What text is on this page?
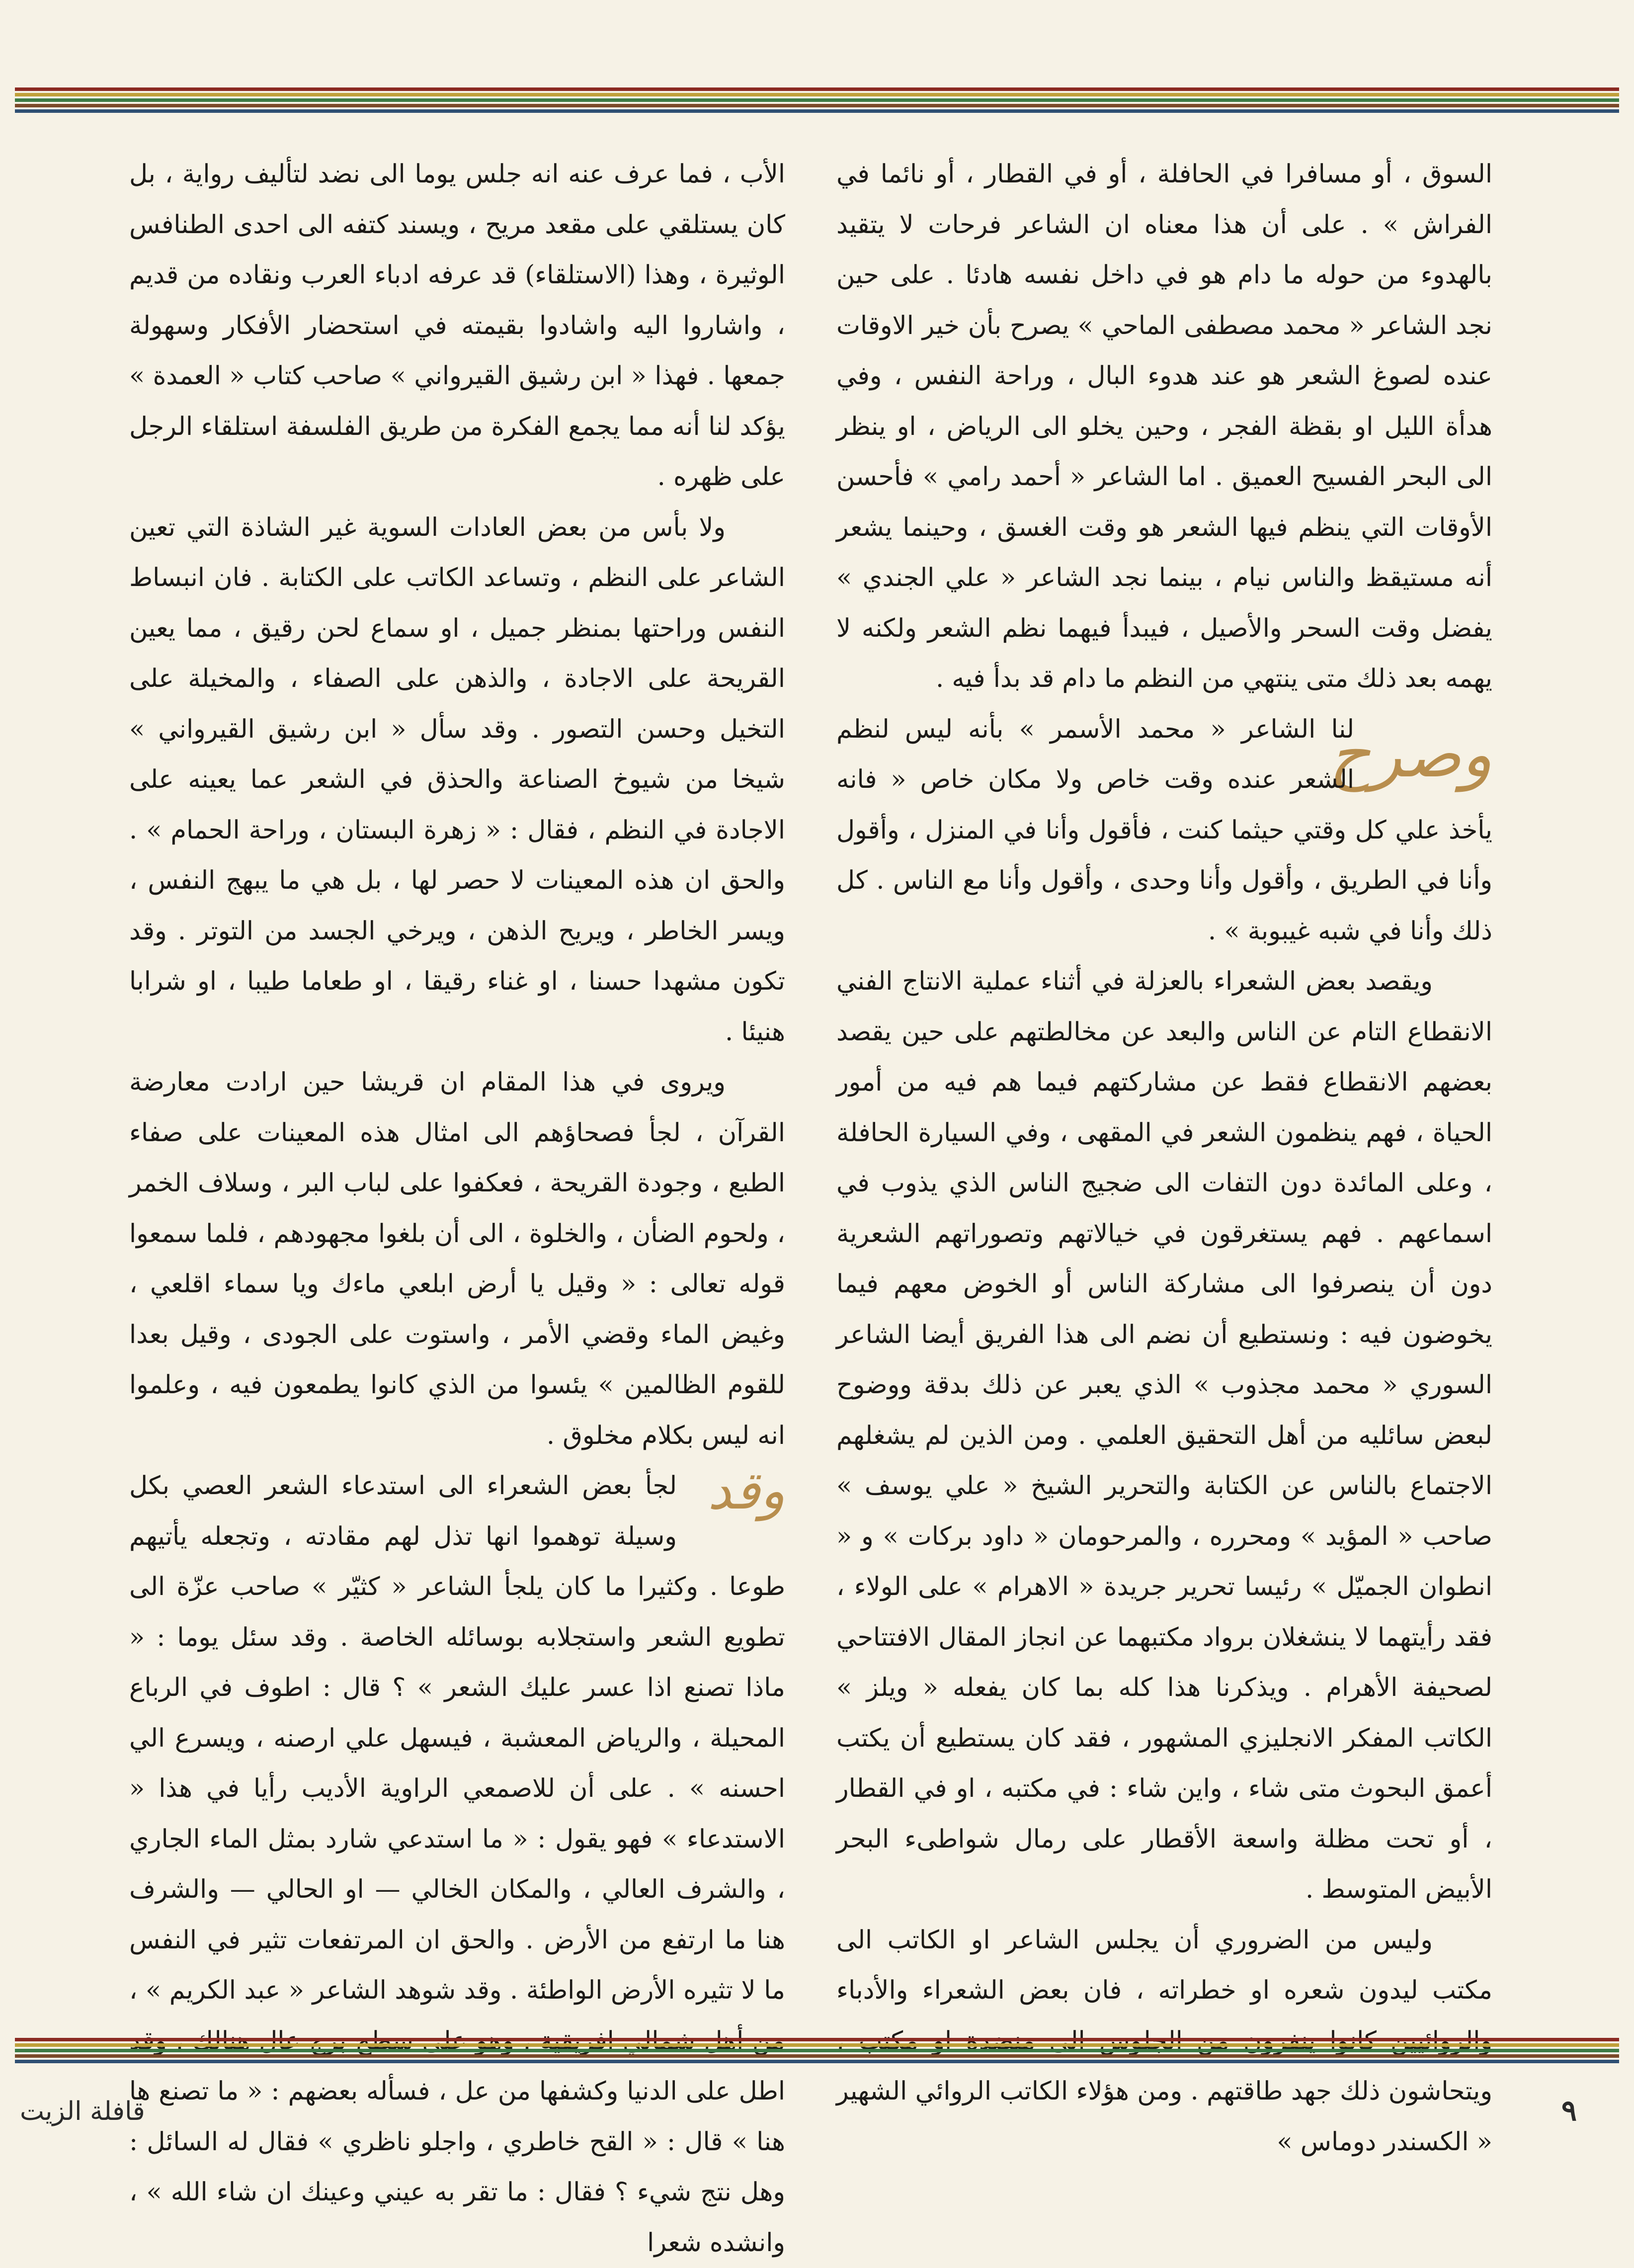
السوق ، أو مسافرا في الحافلة ، أو في القطار ، أو نائما في الفراش » . على أن هذا معناه ان الشاعر فرحات لا يتقيد بالهدوء من حوله ما دام هو في داخل نفسه هادئا . على حين نجد الشاعر « محمد مصطفى الماحي » يصرح بأن خير الاوقات عنده لصوغ الشعر هو عند هدوء البال ، وراحة النفس ، وفي هدأة الليل او بقظة الفجر ، وحين يخلو الى الرياض ، او ينظر الى البحر الفسيح العميق . اما الشاعر « أحمد رامي » فأحسن الأوقات التي ينظم فيها الشعر هو وقت الغسق ، وحينما يشعر أنه مستيقظ والناس نيام ، بينما نجد الشاعر « علي الجندي » يفضل وقت السحر والأصيل ، فيبدأ فيهما نظم الشعر ولكنه لا يهمه بعد ذلك متى ينتهي من النظم ما دام قد بدأ فيه .

وصرح

لنا الشاعر « محمد الأسمر » بأنه ليس لنظم الشعر عنده وقت خاص ولا مكان خاص « فانه يأخذ علي كل وقتي حيثما كنت ، فأقول وأنا في المنزل ، وأقول وأنا في الطريق ، وأقول وأنا وحدى ، وأقول وأنا مع الناس . كل ذلك وأنا في شبه غيبوبة » .

ويقصد بعض الشعراء بالعزلة في أثناء عملية الانتاج الفني الانقطاع التام عن الناس والبعد عن مخالطتهم على حين يقصد بعضهم الانقطاع فقط عن مشاركتهم فيما هم فيه من أمور الحياة ، فهم ينظمون الشعر في المقهى ، وفي السيارة الحافلة ، وعلى المائدة دون التفات الى ضجيج الناس الذي يذوب في اسماعهم . فهم يستغرقون في خيالاتهم وتصوراتهم الشعرية دون أن ينصرفوا الى مشاركة الناس أو الخوض معهم فيما يخوضون فيه : ونستطيع أن نضم الى هذا الفريق أيضا الشاعر السوري « محمد مجذوب » الذي يعبر عن ذلك بدقة ووضوح لبعض سائليه من أهل التحقيق العلمي . ومن الذين لم يشغلهم الاجتماع بالناس عن الكتابة والتحرير الشيخ « علي يوسف » صاحب « المؤيد » ومحرره ، والمرحومان « داود بركات » و « انطوان الجميّل » رئيسا تحرير جريدة « الاهرام » على الولاء ، فقد رأيتهما لا ينشغلان برواد مكتبهما عن انجاز المقال الافتتاحي لصحيفة الأهرام . ويذكرنا هذا كله بما كان يفعله « ويلز » الكاتب المفكر الانجليزي المشهور ، فقد كان يستطيع أن يكتب أعمق البحوث متى شاء ، واين شاء : في مكتبه ، او في القطار ، أو تحت مظلة واسعة الأقطار على رمال شواطىء البحر الأبيض المتوسط .

وليس من الضروري أن يجلس الشاعر او الكاتب الى مكتب ليدون شعره او خطراته ، فان بعض الشعراء والأدباء ويتحاشون ذلك جهد طاقتهم . ومن هؤلاء الكاتب الروائي الشهير « الكسندر دوماس »

الأب ، فما عرف عنه انه جلس يوما الى نضد لتأليف رواية ، بل كان يستلقي على مقعد مريح ، ويسند كتفه الى احدى الطنافس الوثيرة ، وهذا (الاستلقاء) قد عرفه ادباء العرب ونقاده من قديم ، واشاروا اليه واشادوا بقيمته في استحضار الأفكار وسهولة جمعها . فهذا « ابن رشيق القيرواني » صاحب كتاب « العمدة » يؤكد لنا أنه مما يجمع الفكرة من طريق الفلسفة استلقاء الرجل على ظهره .

ولا بأس من بعض العادات السوية غير الشاذة التي تعين الشاعر على النظم ، وتساعد الكاتب على الكتابة . فان انبساط النفس وراحتها بمنظر جميل ، او سماع لحن رقيق ، مما يعين القريحة على الاجادة ، والذهن على الصفاء ، والمخيلة على التخيل وحسن التصور . وقد سأل « ابن رشيق القيرواني » شيخا من شيوخ الصناعة والحذق في الشعر عما يعينه على الاجادة في النظم ، فقال : « زهرة البستان ، وراحة الحمام » . والحق ان هذه المعينات لا حصر لها ، بل هي ما يبهج النفس ، ويسر الخاطر ، ويريح الذهن ، ويرخي الجسد من التوتر . وقد تكون مشهدا حسنا ، او غناء رقيقا ، او طعاما طيبا ، او شرابا هنيئا .

ويروى في هذا المقام ان قريشا حين ارادت معارضة القرآن ، لجأ فصحاؤهم الى امثال هذه المعينات على صفاء الطبع ، وجودة القريحة ، فعكفوا على لباب البر ، وسلاف الخمر ، ولحوم الضأن ، والخلوة ، الى أن بلغوا مجهودهم ، فلما سمعوا قوله تعالى : « وقيل يا أرض ابلعي ماءك ويا سماء اقلعي ، وغيض الماء وقضي الأمر ، واستوت على الجودى ، وقيل بعدا للقوم الظالمين » يئسوا من الذي كانوا يطمعون فيه ، وعلموا انه ليس بكلام مخلوق .

وقد

لجأ بعض الشعراء الى استدعاء الشعر العصي بكل وسيلة توهموا انها تذل لهم مقادته ، وتجعله يأتيهم طوعا . وكثيرا ما كان يلجأ الشاعر « كثيّر » صاحب عزّة الى تطويع الشعر واستجلابه بوسائله الخاصة . وقد سئل يوما : « ماذا تصنع اذا عسر عليك الشعر » ؟ قال : اطوف في الرباع المحيلة ، والرياض المعشبة ، فيسهل علي ارصنه ، ويسرع الي احسنه » . على أن للاصمعي الراوية الأديب رأيا في هذا « الاستدعاء » فهو يقول : « ما استدعي شارد بمثل الماء الجاري ، والشرف العالي ، والمكان الخالي — او الحالي — والشرف هنا ما ارتفع من الأرض . والحق ان المرتفعات تثير في النفس ما لا تثيره الأرض الواطئة . وقد شوهد الشاعر « عبد الكريم » ، اطل على الدنيا وكشفها من عل ، فسأله بعضهم : « ما تصنع ها هنا » قال : « القح خاطري ، واجلو ناظري » فقال له السائل : وهل نتج شيء ؟ فقال : ما تقر به عيني وعينك ان شاء الله » ، وانشده شعرا

٩
قافلة الزيت
